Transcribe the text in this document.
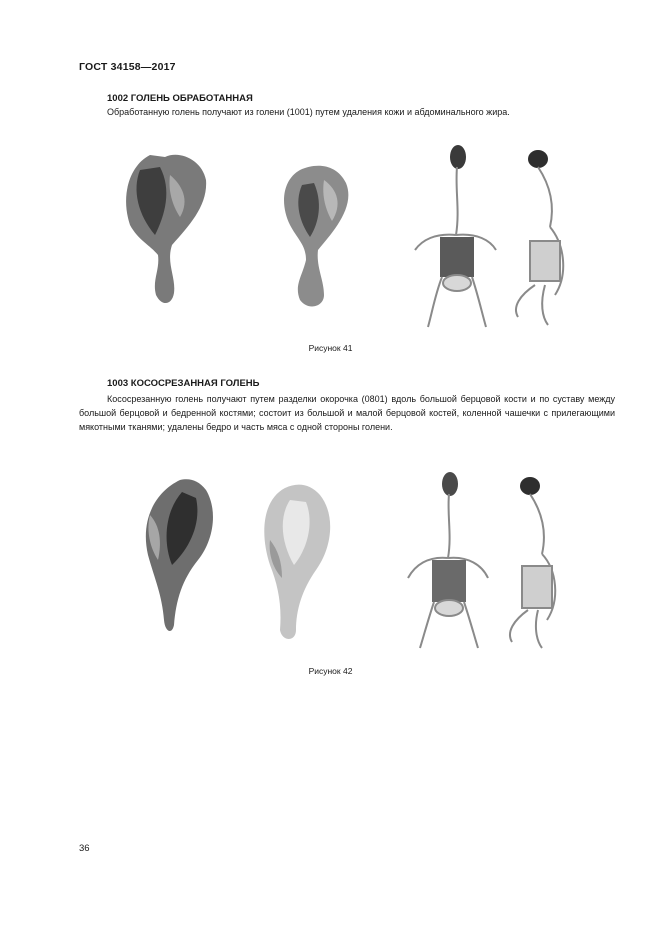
ГОСТ 34158—2017
1002 ГОЛЕНЬ ОБРАБОТАННАЯ
Обработанную голень получают из голени (1001) путем удаления кожи и абдоминального жира.
Рисунок 41
1003 КОСОСРЕЗАННАЯ ГОЛЕНЬ
Кососрезанную голень получают путем разделки окорочка (0801) вдоль большой берцовой кости и по суставу между большой берцовой и бедренной костями; состоит из большой и малой берцовой костей, коленной чашечки с прилегающими мякотными тканями; удалены бедро и часть мяса с одной стороны голени.
Рисунок 42
36
